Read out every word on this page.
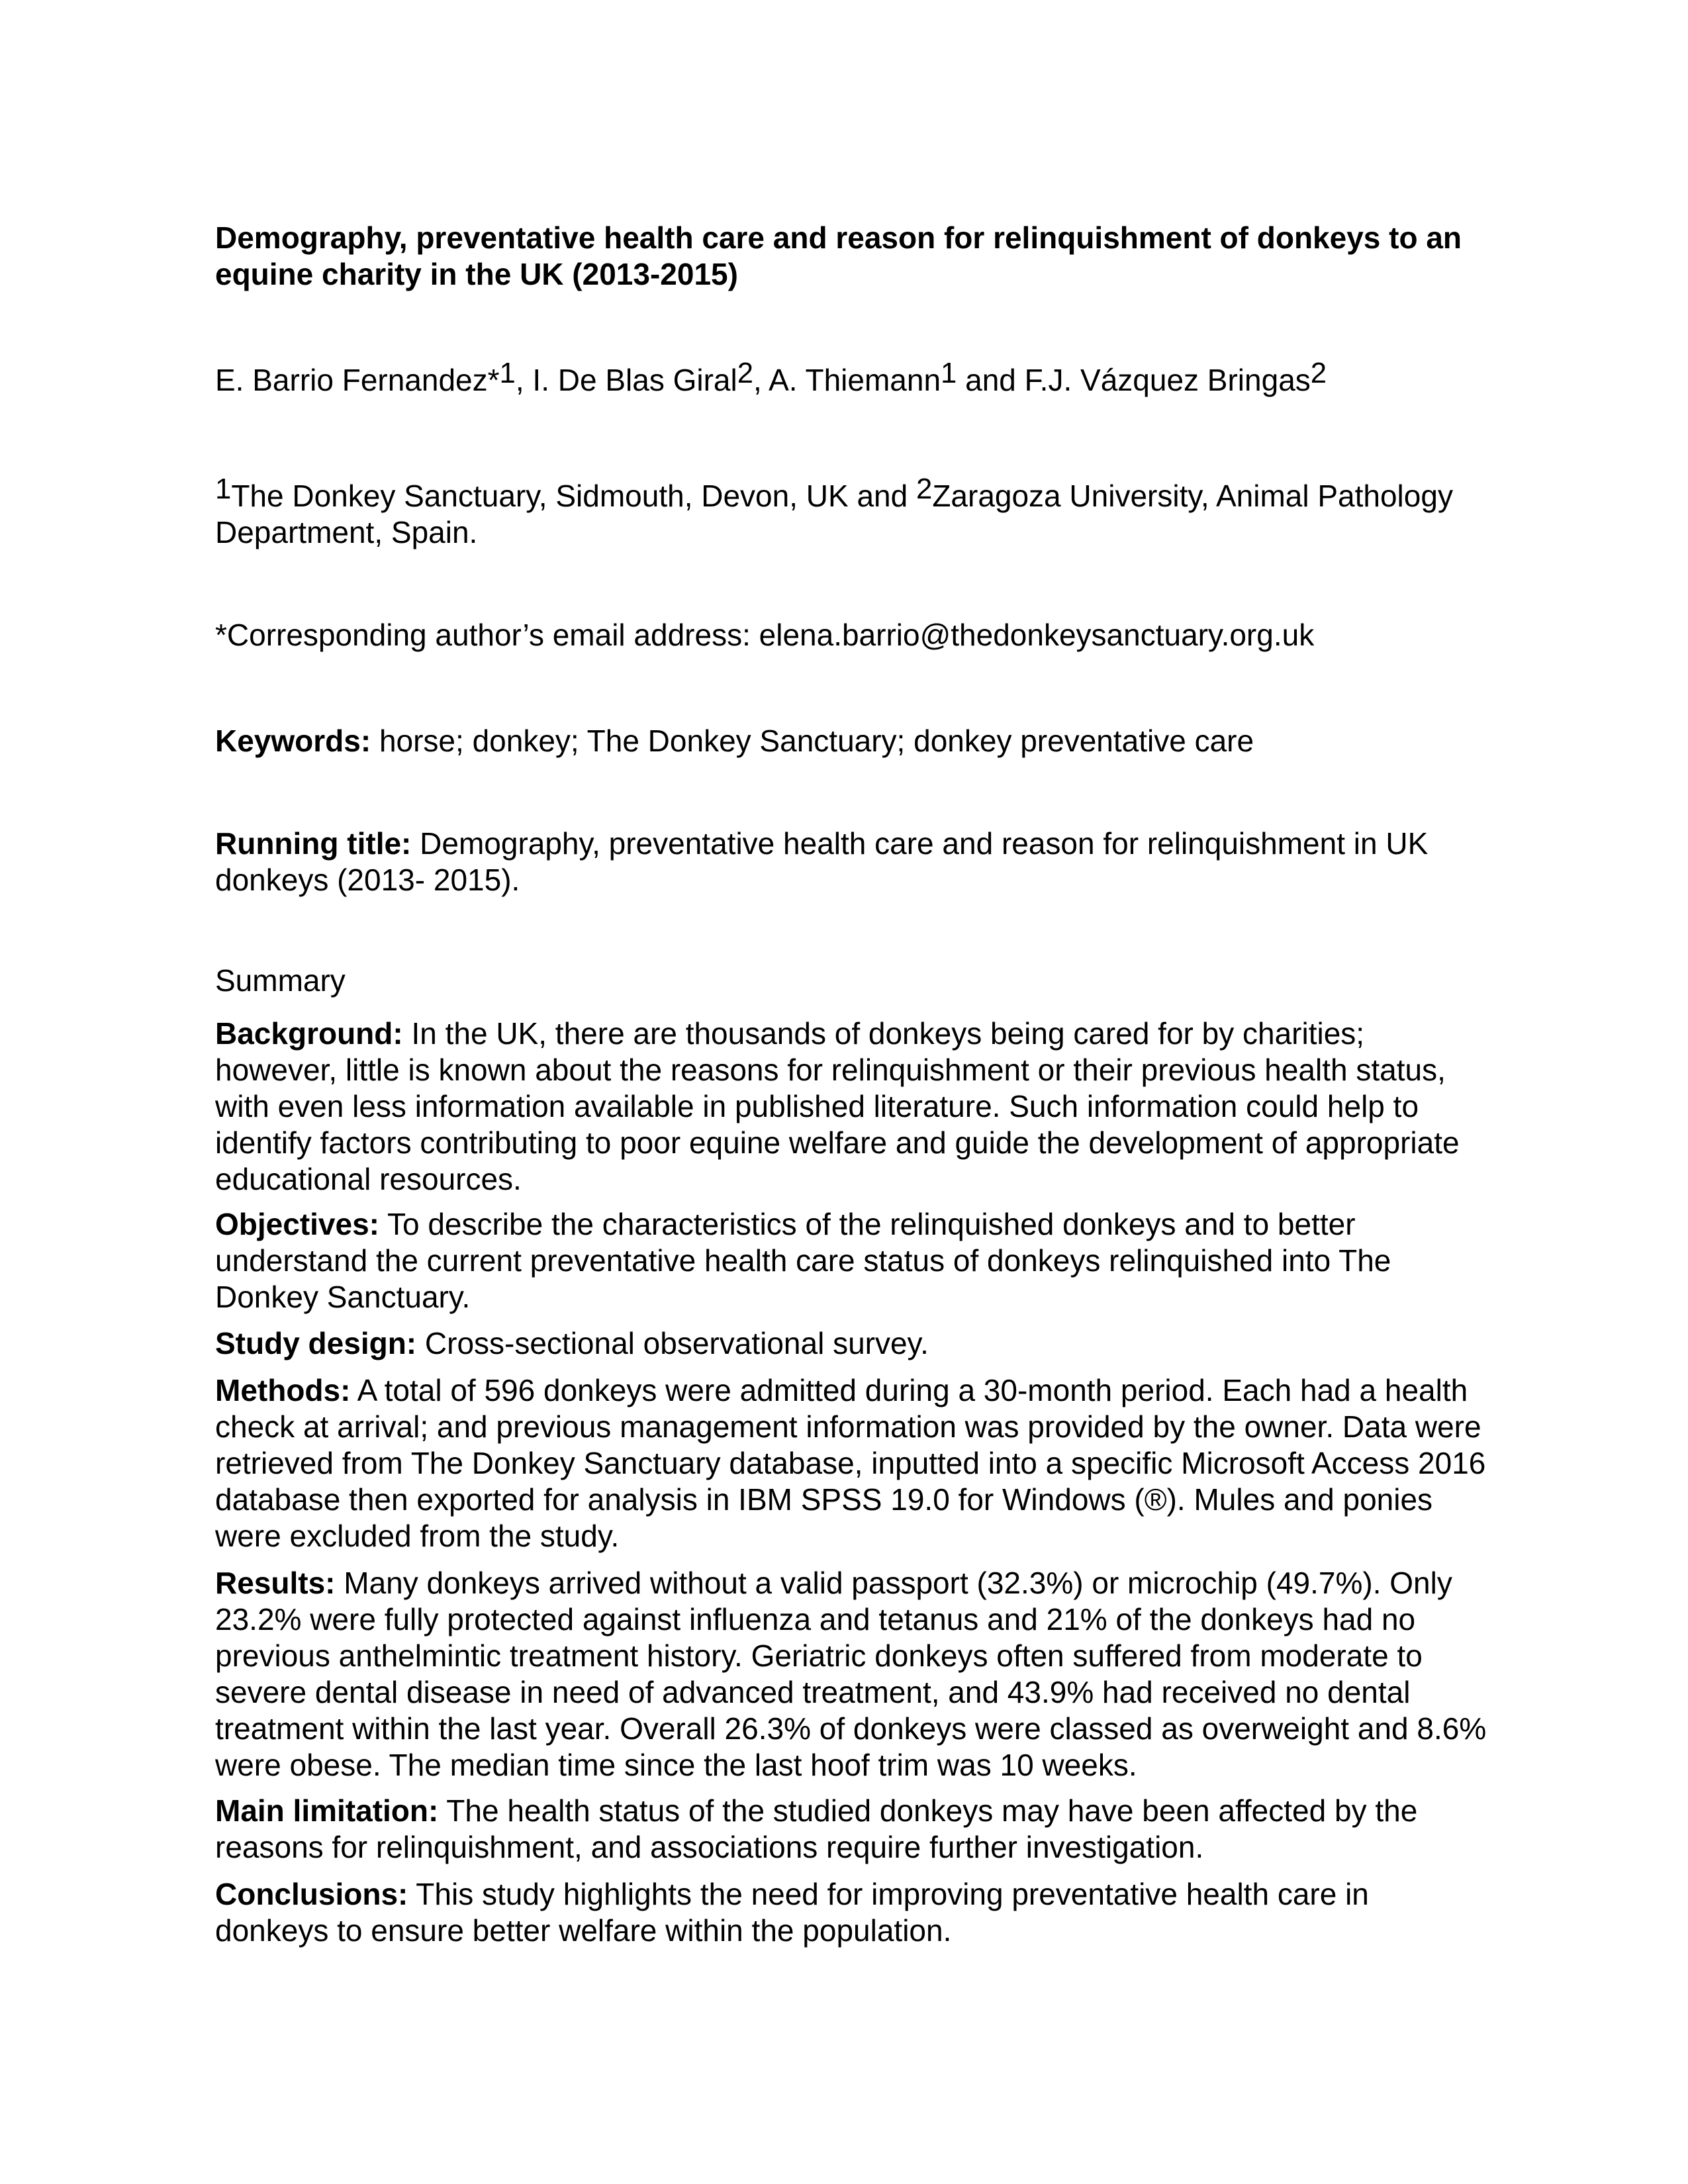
Demography, preventative health care and reason for relinquishment of donkeys to an equine charity in the UK (2013-2015)

E. Barrio Fernandez*$^1$, I. De Blas Giral$^2$, A. Thiemann$^1$ and F.J. Vázquez Bringas$^2$

$^1$The Donkey Sanctuary, Sidmouth, Devon, UK and $^2$Zaragoza University, Animal Pathology Department, Spain.

*Corresponding author’s email address: elena.barrio@thedonkeysanctuary.org.uk

Keywords: horse; donkey; The Donkey Sanctuary; donkey preventative care

Running title: Demography, preventative health care and reason for relinquishment in UK donkeys (2013- 2015).

Summary

Background: In the UK, there are thousands of donkeys being cared for by charities; however, little is known about the reasons for relinquishment or their previous health status, with even less information available in published literature. Such information could help to identify factors contributing to poor equine welfare and guide the development of appropriate educational resources.

Objectives: To describe the characteristics of the relinquished donkeys and to better understand the current preventative health care status of donkeys relinquished into The Donkey Sanctuary.

Study design: Cross-sectional observational survey.

Methods: A total of 596 donkeys were admitted during a 30-month period. Each had a health check at arrival; and previous management information was provided by the owner. Data were retrieved from The Donkey Sanctuary database, inputted into a specific Microsoft Access 2016 database then exported for analysis in IBM SPSS 19.0 for Windows (®). Mules and ponies were excluded from the study.

Results: Many donkeys arrived without a valid passport (32.3%) or microchip (49.7%). Only 23.2% were fully protected against influenza and tetanus and 21% of the donkeys had no previous anthelmintic treatment history. Geriatric donkeys often suffered from moderate to severe dental disease in need of advanced treatment, and 43.9% had received no dental treatment within the last year. Overall 26.3% of donkeys were classed as overweight and 8.6% were obese. The median time since the last hoof trim was 10 weeks.

Main limitation: The health status of the studied donkeys may have been affected by the reasons for relinquishment, and associations require further investigation.

Conclusions: This study highlights the need for improving preventative health care in donkeys to ensure better welfare within the population.
